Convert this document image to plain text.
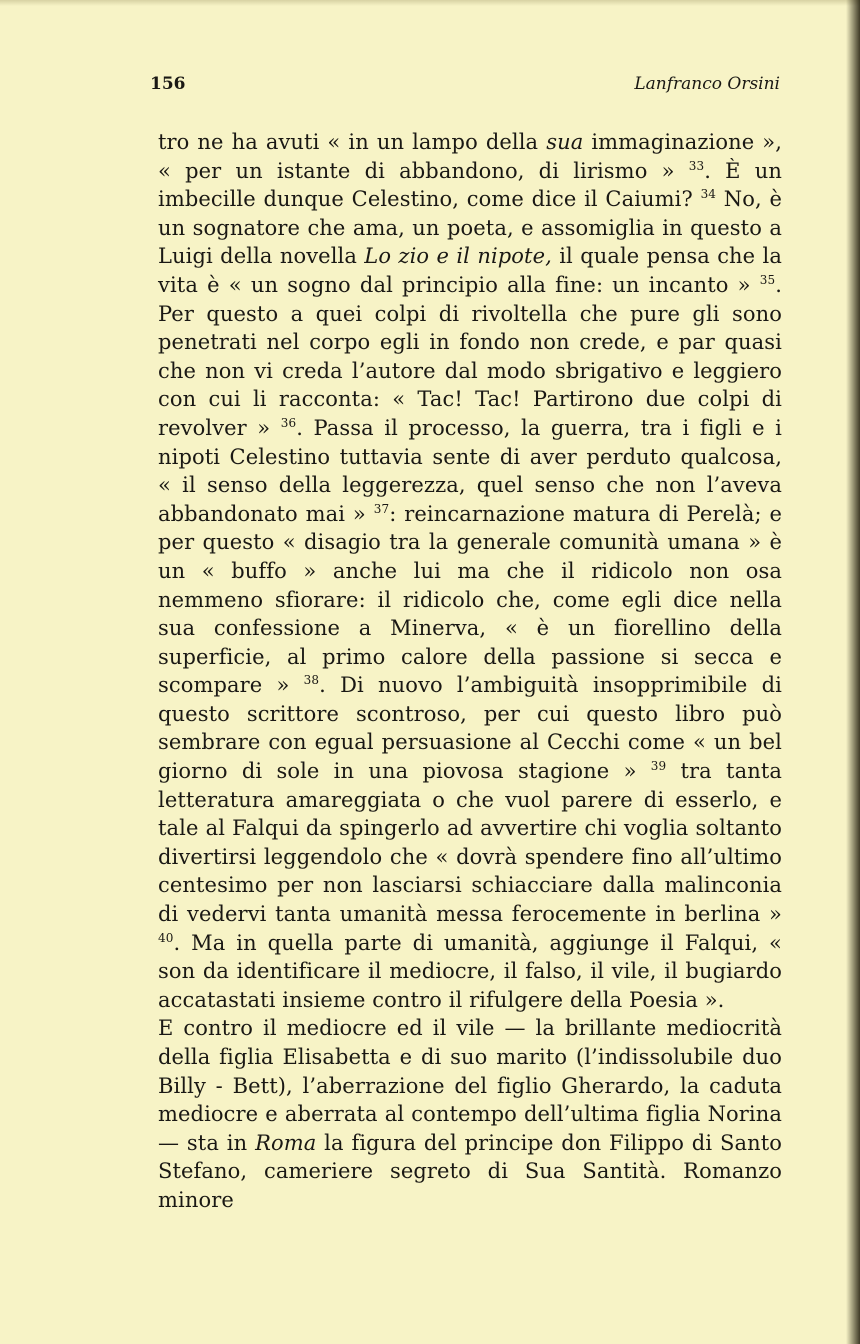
156	Lanfranco Orsini

tro ne ha avuti « in un lampo della sua immaginazione », « per un istante di abbandono, di lirismo » $^{33}$. È un imbecille dunque Celestino, come dice il Caiumi? $^{34}$ No, è un sognatore che ama, un poeta, e assomiglia in questo a Luigi della novella Lo zio e il nipote, il quale pensa che la vita è « un sogno dal principio alla fine: un incanto » $^{35}$. Per questo a quei colpi di rivoltella che pure gli sono penetrati nel corpo egli in fondo non crede, e par quasi che non vi creda l’autore dal modo sbrigativo e leggiero con cui li racconta: « Tac! Tac! Partirono due colpi di revolver » $^{36}$. Passa il processo, la guerra, tra i figli e i nipoti Celestino tuttavia sente di aver perduto qualcosa, « il senso della leggerezza, quel senso che non l’aveva abbandonato mai » $^{37}$: reincarnazione matura di Perelà; e per questo « disagio tra la generale comunità umana » è un « buffo » anche lui ma che il ridicolo non osa nemmeno sfiorare: il ridicolo che, come egli dice nella sua confessione a Minerva, « è un fiorellino della superficie, al primo calore della passione si secca e scompare » $^{38}$. Di nuovo l’ambiguità insopprimibile di questo scrittore scontroso, per cui questo libro può sembrare con egual persuasione al Cecchi come « un bel giorno di sole in una piovosa stagione » $^{39}$ tra tanta letteratura amareggiata o che vuol parere di esserlo, e tale al Falqui da spingerlo ad avvertire chi voglia soltanto divertirsi leggendolo che « dovrà spendere fino all’ultimo centesimo per non lasciarsi schiacciare dalla malinconia di vedervi tanta umanità messa ferocemente in berlina » $^{40}$. Ma in quella parte di umanità, aggiunge il Falqui, « son da identificare il mediocre, il falso, il vile, il bugiardo accatastati insieme contro il rifulgere della Poesia ».

E contro il mediocre ed il vile — la brillante mediocrità della figlia Elisabetta e di suo marito (l’indissolubile duo Billy - Bett), l’aberrazione del figlio Gherardo, la caduta mediocre e aberrata al contempo dell’ultima figlia Norina — sta in Roma la figura del principe don Filippo di Santo Stefano, cameriere segreto di Sua Santità. Romanzo minore
